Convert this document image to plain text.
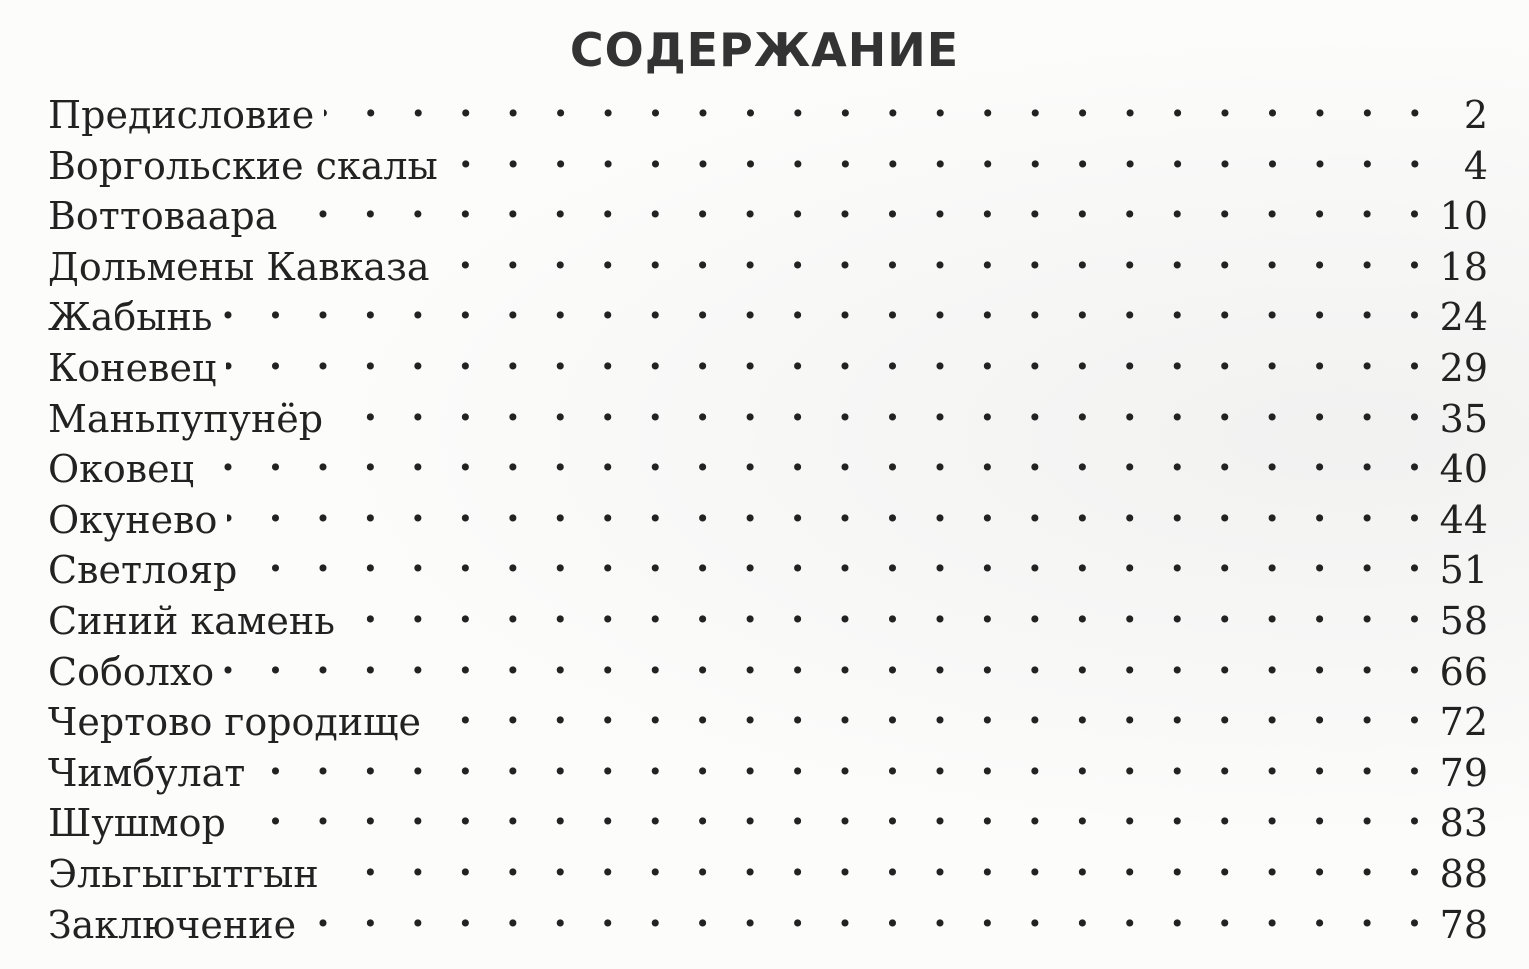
СОДЕРЖАНИЕ
Предисловие . . .	2
Воргольские скалы . . .	4
Воттоваара . . .	10
Дольмены Кавказа . . .	18
Жабынь . . .	24
Коневец . . .	29
Маньпупунёр . . .	35
Оковец . . .	40
Окунево . . .	44
Светлояр . . .	51
Синий камень . . .	58
Соболхо . . .	66
Чертово городище . . .	72
Чимбулат . . .	79
Шушмор . . .	83
Эльгыгытгын . . .	88
Заключение . . .	78
